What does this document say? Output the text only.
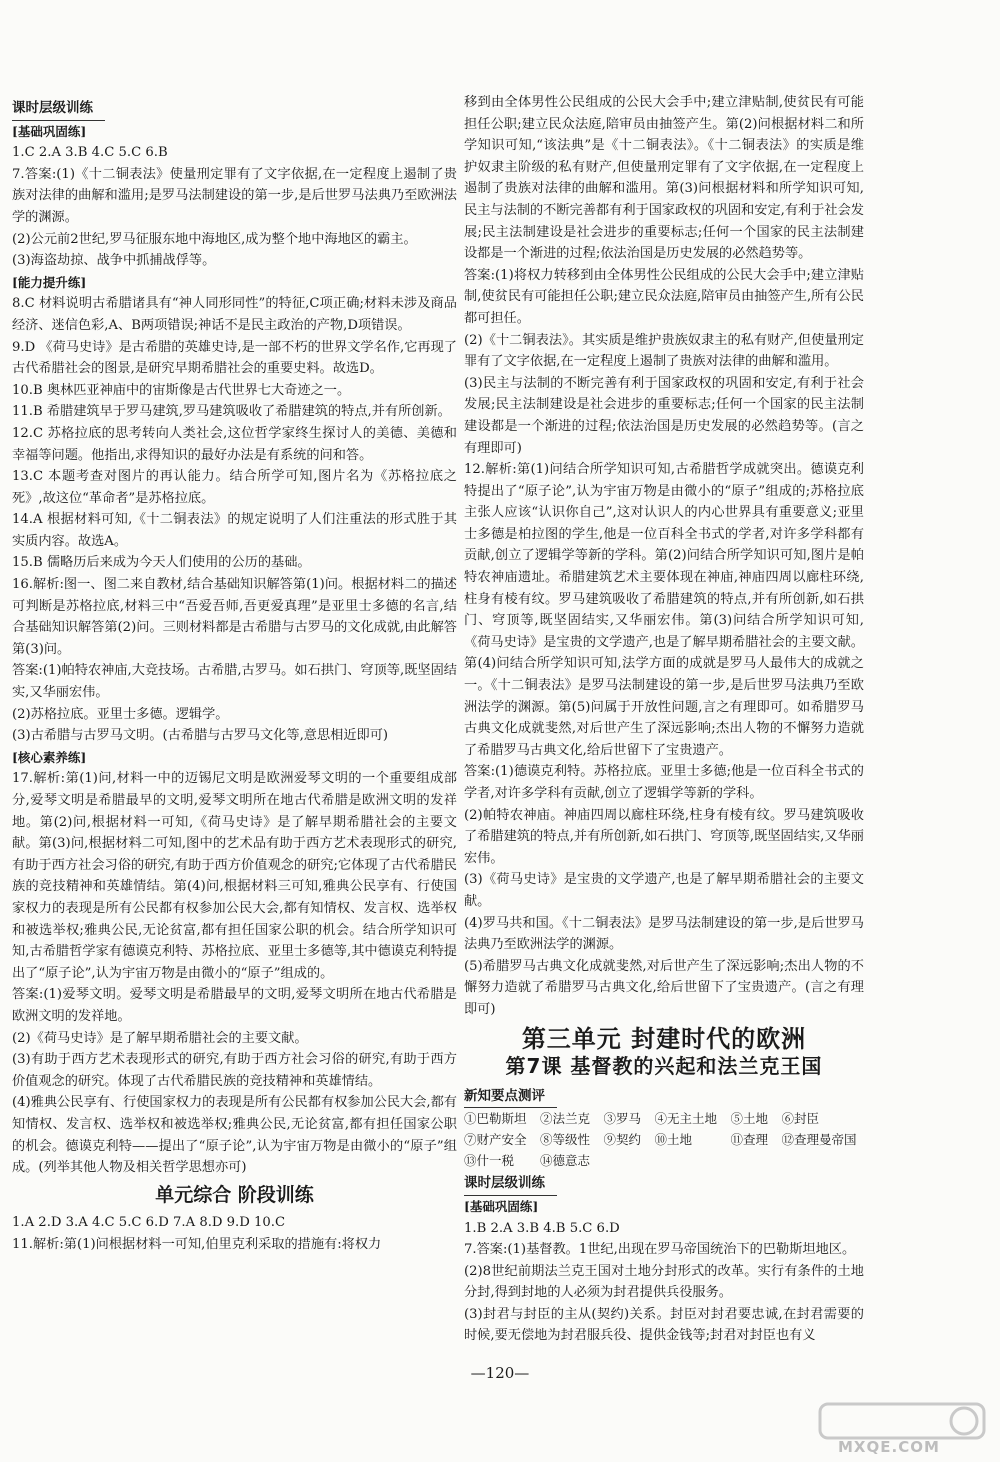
课时层级训练

[基础巩固练]

1.C 2.A 3.B 4.C 5.C 6.B

7.答案:(1)《十二铜表法》使量刑定罪有了文字依据,在一定程度上遏制了贵族对法律的曲解和滥用;是罗马法制建设的第一步,是后世罗马法典乃至欧洲法学的渊源。

(2)公元前2世纪,罗马征服东地中海地区,成为整个地中海地区的霸主。

(3)海盗劫掠、战争中抓捕战俘等。

[能力提升练]

8.C 材料说明古希腊诸具有“神人同形同性”的特征,C项正确;材料未涉及商品经济、迷信色彩,A、B两项错误;神话不是民主政治的产物,D项错误。

9.D 《荷马史诗》是古希腊的英雄史诗,是一部不朽的世界文学名作,它再现了古代希腊社会的图景,是研究早期希腊社会的重要史料。故选D。

10.B 奥林匹亚神庙中的宙斯像是古代世界七大奇迹之一。

11.B 希腊建筑早于罗马建筑,罗马建筑吸收了希腊建筑的特点,并有所创新。

12.C 苏格拉底的思考转向人类社会,这位哲学家终生探讨人的美德、美德和幸福等问题。他指出,求得知识的最好办法是有系统的问和答。

13.C 本题考查对图片的再认能力。结合所学可知,图片名为《苏格拉底之死》,故这位“革命者”是苏格拉底。

14.A 根据材料可知,《十二铜表法》的规定说明了人们注重法的形式胜于其实质内容。故选A。

15.B 儒略历后来成为今天人们使用的公历的基础。

16.解析:图一、图二来自教材,结合基础知识解答第(1)问。根据材料二的描述可判断是苏格拉底,材料三中“吾爱吾师,吾更爱真理”是亚里士多德的名言,结合基础知识解答第(2)问。三则材料都是古希腊与古罗马的文化成就,由此解答第(3)问。

答案:(1)帕特农神庙,大竞技场。古希腊,古罗马。如石拱门、穹顶等,既坚固结实,又华丽宏伟。

(2)苏格拉底。亚里士多德。逻辑学。

(3)古希腊与古罗马文明。(古希腊与古罗马文化等,意思相近即可)

[核心素养练]

17.解析:第(1)问,材料一中的迈锡尼文明是欧洲爱琴文明的一个重要组成部分,爱琴文明是希腊最早的文明,爱琴文明所在地古代希腊是欧洲文明的发祥地。第(2)问,根据材料一可知,《荷马史诗》是了解早期希腊社会的主要文献。第(3)问,根据材料二可知,图中的艺术品有助于西方艺术表现形式的研究,有助于西方社会习俗的研究,有助于西方价值观念的研究;它体现了古代希腊民族的竞技精神和英雄情结。第(4)问,根据材料三可知,雅典公民享有、行使国家权力的表现是所有公民都有权参加公民大会,都有知情权、发言权、选举权和被选举权;雅典公民,无论贫富,都有担任国家公职的机会。结合所学知识可知,古希腊哲学家有德谟克利特、苏格拉底、亚里士多德等,其中德谟克利特提出了“原子论”,认为宇宙万物是由微小的“原子”组成的。

答案:(1)爱琴文明。爱琴文明是希腊最早的文明,爱琴文明所在地古代希腊是欧洲文明的发祥地。

(2)《荷马史诗》是了解早期希腊社会的主要文献。

(3)有助于西方艺术表现形式的研究,有助于西方社会习俗的研究,有助于西方价值观念的研究。体现了古代希腊民族的竞技精神和英雄情结。

(4)雅典公民享有、行使国家权力的表现是所有公民都有权参加公民大会,都有知情权、发言权、选举权和被选举权;雅典公民,无论贫富,都有担任国家公职的机会。德谟克利特——提出了“原子论”,认为宇宙万物是由微小的“原子”组成。(列举其他人物及相关哲学思想亦可)

单元综合 阶段训练

1.A 2.D 3.A 4.C 5.C 6.D 7.A 8.D 9.D 10.C

11.解析:第(1)问根据材料一可知,伯里克利采取的措施有:将权力

移到由全体男性公民组成的公民大会手中;建立津贴制,使贫民有可能担任公职;建立民众法庭,陪审员由抽签产生。第(2)问根据材料二和所学知识可知,“该法典”是《十二铜表法》。《十二铜表法》的实质是维护奴隶主阶级的私有财产,但使量刑定罪有了文字依据,在一定程度上遏制了贵族对法律的曲解和滥用。第(3)问根据材料和所学知识可知,民主与法制的不断完善都有利于国家政权的巩固和安定,有利于社会发展;民主法制建设是社会进步的重要标志;任何一个国家的民主法制建设都是一个渐进的过程;依法治国是历史发展的必然趋势等。

答案:(1)将权力转移到由全体男性公民组成的公民大会手中;建立津贴制,使贫民有可能担任公职;建立民众法庭,陪审员由抽签产生,所有公民都可担任。

(2)《十二铜表法》。其实质是维护贵族奴隶主的私有财产,但使量刑定罪有了文字依据,在一定程度上遏制了贵族对法律的曲解和滥用。

(3)民主与法制的不断完善有利于国家政权的巩固和安定,有利于社会发展;民主法制建设是社会进步的重要标志;任何一个国家的民主法制建设都是一个渐进的过程;依法治国是历史发展的必然趋势等。(言之有理即可)

12.解析:第(1)问结合所学知识可知,古希腊哲学成就突出。德谟克利特提出了“原子论”,认为宇宙万物是由微小的“原子”组成的;苏格拉底主张人应该“认识你自己”,这对认识人的内心世界具有重要意义;亚里士多德是柏拉图的学生,他是一位百科全书式的学者,对许多学科都有贡献,创立了逻辑学等新的学科。第(2)问结合所学知识可知,图片是帕特农神庙遗址。希腊建筑艺术主要体现在神庙,神庙四周以廊柱环绕,柱身有棱有纹。罗马建筑吸收了希腊建筑的特点,并有所创新,如石拱门、穹顶等,既坚固结实,又华丽宏伟。第(3)问结合所学知识可知,《荷马史诗》是宝贵的文学遗产,也是了解早期希腊社会的主要文献。第(4)问结合所学知识可知,法学方面的成就是罗马人最伟大的成就之一。《十二铜表法》是罗马法制建设的第一步,是后世罗马法典乃至欧洲法学的渊源。第(5)问属于开放性问题,言之有理即可。如希腊罗马古典文化成就斐然,对后世产生了深远影响;杰出人物的不懈努力造就了希腊罗马古典文化,给后世留下了宝贵遗产。

答案:(1)德谟克利特。苏格拉底。亚里士多德;他是一位百科全书式的学者,对许多学科有贡献,创立了逻辑学等新的学科。

(2)帕特农神庙。神庙四周以廊柱环绕,柱身有棱有纹。罗马建筑吸收了希腊建筑的特点,并有所创新,如石拱门、穹顶等,既坚固结实,又华丽宏伟。

(3)《荷马史诗》是宝贵的文学遗产,也是了解早期希腊社会的主要文献。

(4)罗马共和国。《十二铜表法》是罗马法制建设的第一步,是后世罗马法典乃至欧洲法学的渊源。

(5)希腊罗马古典文化成就斐然,对后世产生了深远影响;杰出人物的不懈努力造就了希腊罗马古典文化,给后世留下了宝贵遗产。(言之有理即可)

第三单元 封建时代的欧洲

第7课 基督教的兴起和法兰克王国

新知要点测评

①巴勒斯坦	②法兰克	③罗马	④无主土地	⑤土地	⑥封臣
⑦财产安全	⑧等级性	⑨契约	⑩土地	⑪查理	⑫查理曼帝国
⑬什一税	⑭德意志

课时层级训练

[基础巩固练]

1.B 2.A 3.B 4.B 5.C 6.D

7.答案:(1)基督教。1世纪,出现在罗马帝国统治下的巴勒斯坦地区。

(2)8世纪前期法兰克王国对土地分封形式的改革。实行有条件的土地分封,得到封地的人必须为封君提供兵役服务。

(3)封君与封臣的主从(契约)关系。封臣对封君要忠诚,在封君需要的时候,要无偿地为封君服兵役、提供金钱等;封君对封臣也有义

—120—
MXQE.COM
